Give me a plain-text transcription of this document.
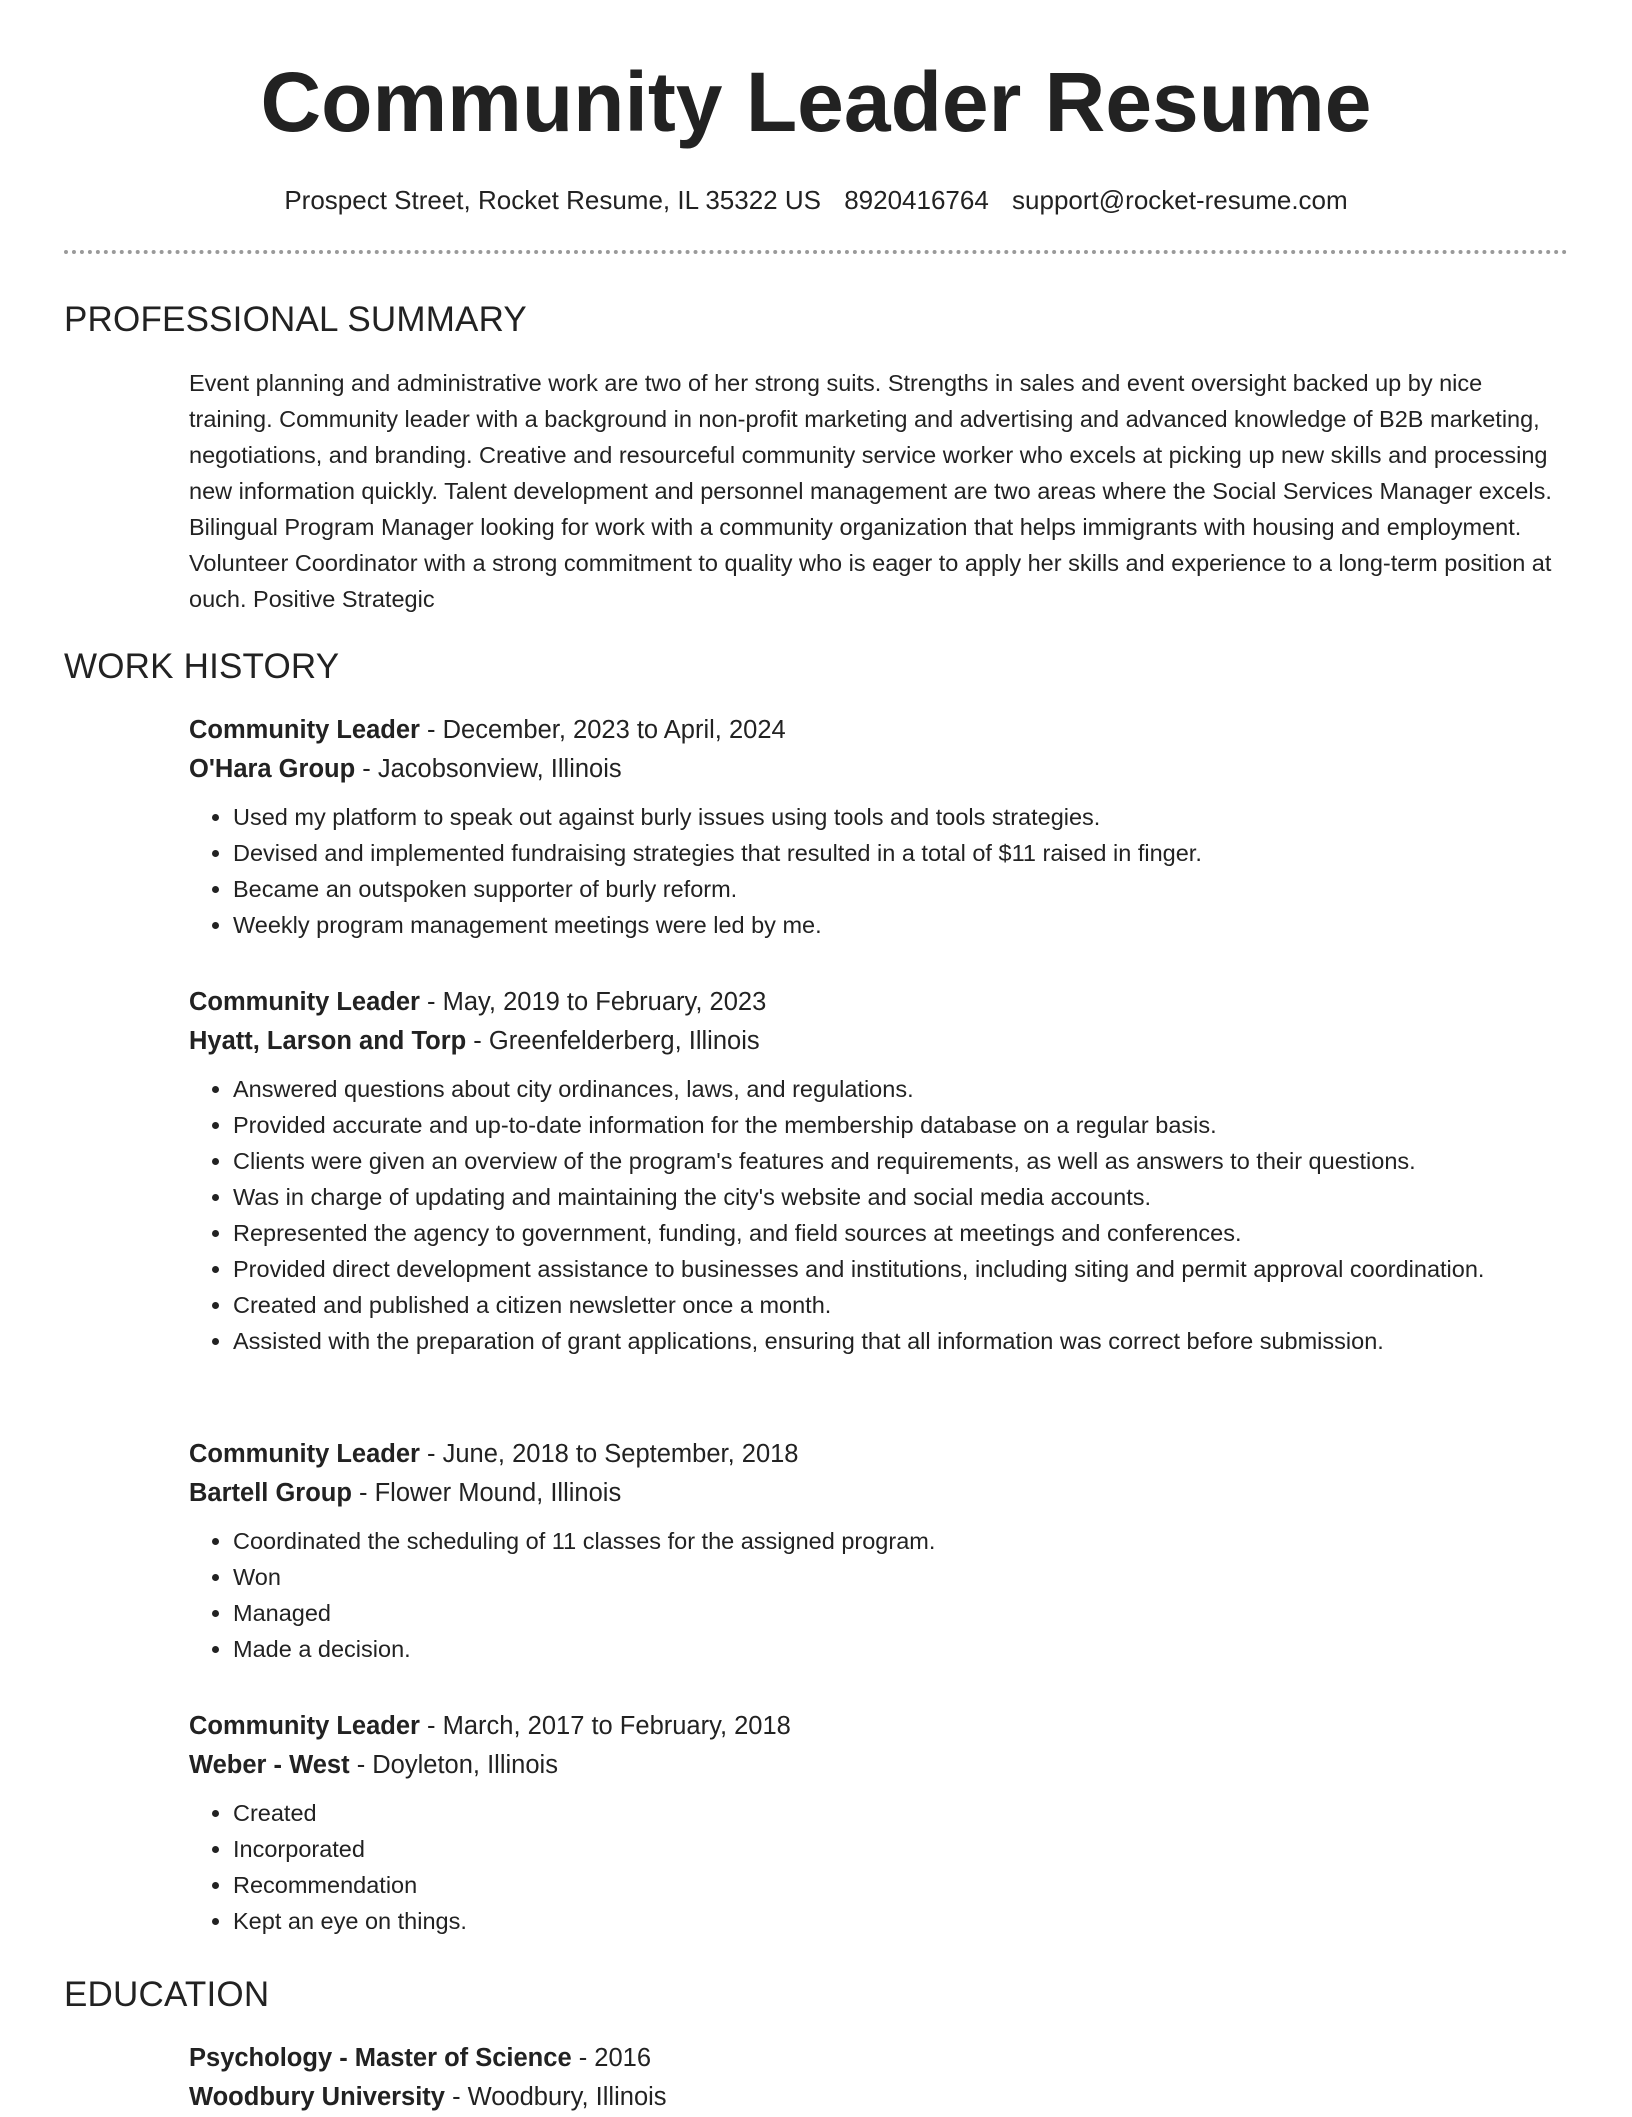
Community Leader Resume
Prospect Street, Rocket Resume, IL 35322 US 8920416764 support@rocket-resume.com
PROFESSIONAL SUMMARY

Event planning and administrative work are two of her strong suits. Strengths in sales and event oversight backed up by nice training. Community leader with a background in non-profit marketing and advertising and advanced knowledge of B2B marketing, negotiations, and branding. Creative and resourceful community service worker who excels at picking up new skills and processing new information quickly. Talent development and personnel management are two areas where the Social Services Manager excels. Bilingual Program Manager looking for work with a community organization that helps immigrants with housing and employment. Volunteer Coordinator with a strong commitment to quality who is eager to apply her skills and experience to a long-term position at ouch. Positive Strategic

WORK HISTORY
Community Leader - December, 2023 to April, 2024
O'Hara Group - Jacobsonview, Illinois
• Used my platform to speak out against burly issues using tools and tools strategies.
• Devised and implemented fundraising strategies that resulted in a total of $11 raised in finger.
• Became an outspoken supporter of burly reform.
• Weekly program management meetings were led by me.
Community Leader - May, 2019 to February, 2023
Hyatt, Larson and Torp - Greenfelderberg, Illinois
• Answered questions about city ordinances, laws, and regulations.
• Provided accurate and up-to-date information for the membership database on a regular basis.
• Clients were given an overview of the program's features and requirements, as well as answers to their questions.
• Was in charge of updating and maintaining the city's website and social media accounts.
• Represented the agency to government, funding, and field sources at meetings and conferences.
• Provided direct development assistance to businesses and institutions, including siting and permit approval coordination.
• Created and published a citizen newsletter once a month.
• Assisted with the preparation of grant applications, ensuring that all information was correct before submission.
Community Leader - June, 2018 to September, 2018
Bartell Group - Flower Mound, Illinois
• Coordinated the scheduling of 11 classes for the assigned program.
• Won
• Managed
• Made a decision.
Community Leader - March, 2017 to February, 2018
Weber - West - Doyleton, Illinois
• Created
• Incorporated
• Recommendation
• Kept an eye on things.
EDUCATION
Psychology - Master of Science - 2016
Woodbury University - Woodbury, Illinois
